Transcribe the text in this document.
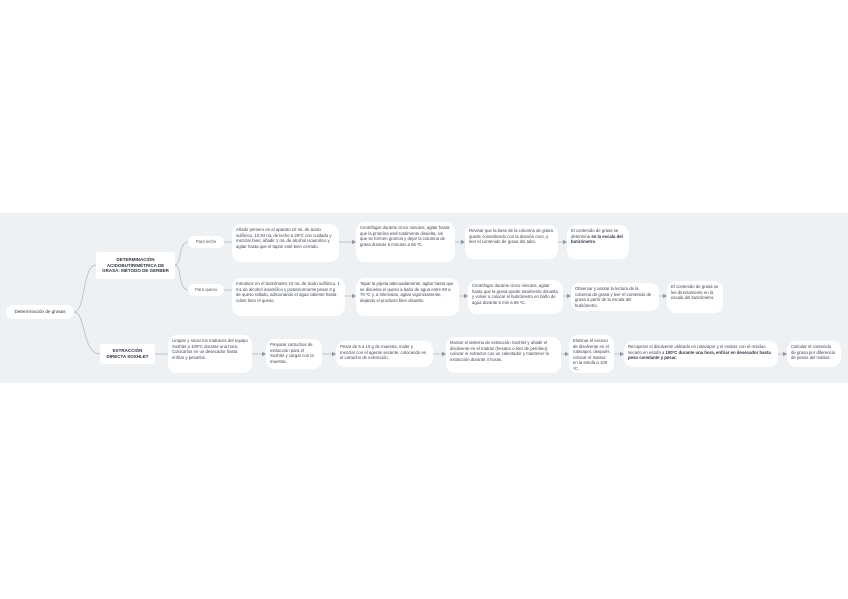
Determinación de grasas
DETERMINACIÓN ACIDOBUTIRIMÉTRICA DE GRASA: MÉTODO DE GERBER
Para leche
Para queso
Añadir primero en el aparato 10 mL de ácido sulfúrico, 10,94 mL de leche a 20ºC con cuidado y mezclar bien; añadir 1 mL de alcohol isoamílico y agitar hasta que el tapón esté bien cerrado.
Centrifugar durante cinco minutos, agitar hasta que la proteína esté totalmente disuelta, sin que se formen grumos y dejar la columna de grasa durante 5 minutos a 65 ºC.
Revisar que la base de la columna de grasa quede coincidiendo con la división cero, y leer el contenido de grasa del tubo.
El contenido de grasa se determina en la escala del butirómetro.
Introducir en el butirómetro 10 mL de ácido sulfúrico, 1 mL de alcohol isoamílico y posteriormente pesar 3 g de queso rallado, adicionando el agua caliente hasta cubrir bien el queso.
Tapar la pipeta adecuadamente, agitar hasta que se disuelva el queso a baño de agua entre 60 a 70 ºC y, a intervalos, agitar vigorosamente, dejando el producto bien disuelto.
Centrifugar durante cinco minutos, agitar hasta que la grasa quede totalmente disuelta y volver a colocar el butirómetro en baño de agua durante 5 min a 65 ºC.
Observar y anotar la lectura de la columna de grasa y leer el contenido de grasa a partir de la escala del butirómetro.
El contenido de grasa se lee directamente en la escala del butirómetro.
EXTRACCIÓN DIRECTA SOXHLET
Limpiar y secar los matraces del equipo Soxhlet a 100ºC durante una hora. Colocarlos en un desecador hasta enfriar y pesarlos.
Preparar cartuchos de extracción para el Soxhlet y cargar con la muestra.
Pesar de 5 a 10 g de muestra, moler y mezclar con el agente secante, colocando en el cartucho de extracción.
Montar el sistema de extracción Soxhlet y añadir el disolvente en el matraz (hexano o éter de petróleo), colocar el extractor con un calentador y mantener la extracción durante 4 horas.
Eliminar el exceso de disolvente en el rotavapor, después colocar el matraz en la estufa a 100 ºC.
Recuperar el disolvente utilizado en rotavapor y el matraz con el residuo secarlo en estufa a 100ºC durante una hora, enfriar en desecador hasta peso constante y pesar.
Calcular el contenido de grasa por diferencia de pesos del matraz.
